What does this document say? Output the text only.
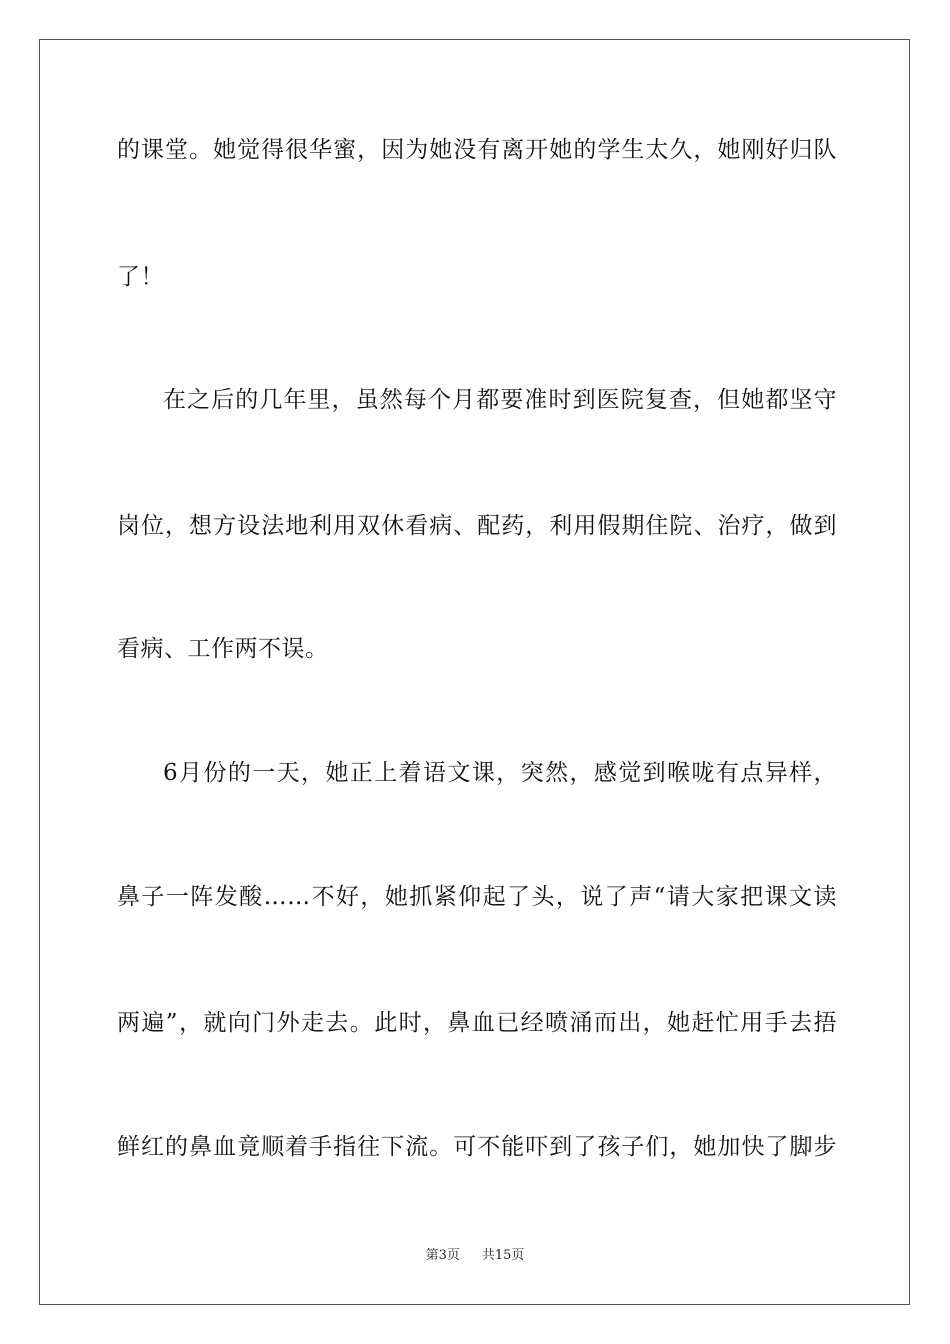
的课堂。她觉得很华蜜，因为她没有离开她的学生太久，她刚好归队
了！
在之后的几年里，虽然每个月都要准时到医院复查，但她都坚守
岗位，想方设法地利用双休看病、配药，利用假期住院、治疗，做到
看病、工作两不误。
6月份的一天，她正上着语文课，突然，感觉到喉咙有点异样，
鼻子一阵发酸……不好，她抓紧仰起了头，说了声“请大家把课文读
两遍”，就向门外走去。此时，鼻血已经喷涌而出，她赶忙用手去捂
鲜红的鼻血竟顺着手指往下流。可不能吓到了孩子们，她加快了脚步
第3页 共15页
